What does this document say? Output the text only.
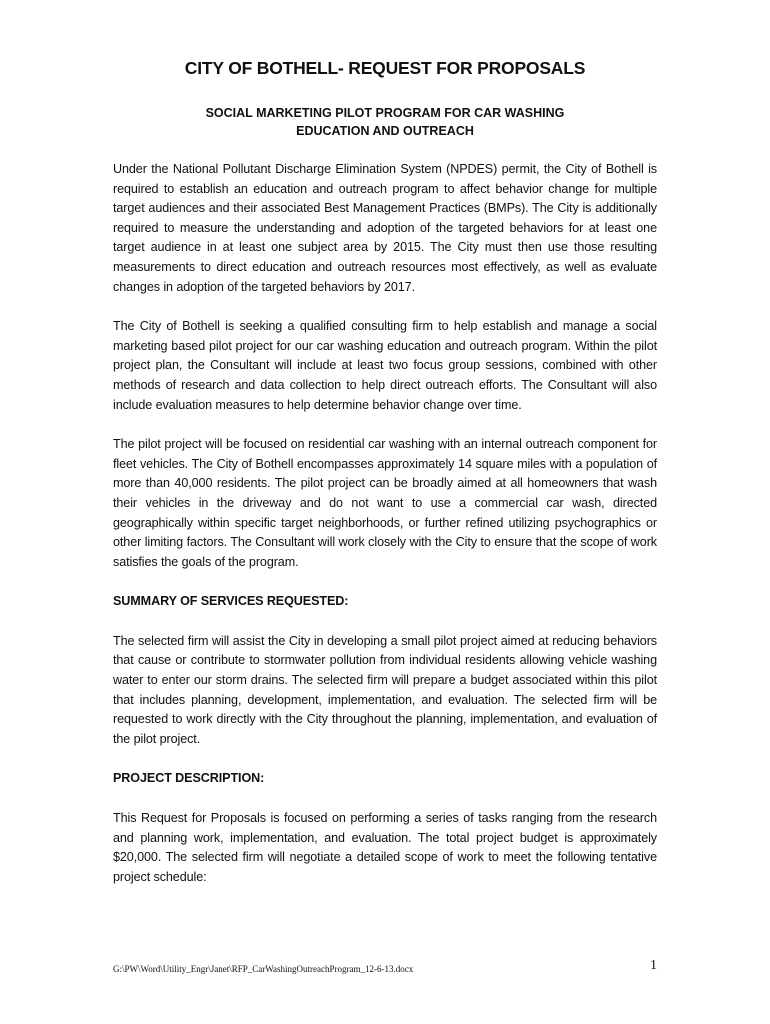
CITY OF BOTHELL- REQUEST FOR PROPOSALS
SOCIAL MARKETING PILOT PROGRAM FOR CAR WASHING
EDUCATION AND OUTREACH

Under the National Pollutant Discharge Elimination System (NPDES) permit, the City of Bothell is required to establish an education and outreach program to affect behavior change for multiple target audiences and their associated Best Management Practices (BMPs). The City is additionally required to measure the understanding and adoption of the targeted behaviors for at least one target audience in at least one subject area by 2015. The City must then use those resulting measurements to direct education and outreach resources most effectively, as well as evaluate changes in adoption of the targeted behaviors by 2017.

The City of Bothell is seeking a qualified consulting firm to help establish and manage a social marketing based pilot project for our car washing education and outreach program. Within the pilot project plan, the Consultant will include at least two focus group sessions, combined with other methods of research and data collection to help direct outreach efforts. The Consultant will also include evaluation measures to help determine behavior change over time.

The pilot project will be focused on residential car washing with an internal outreach component for fleet vehicles. The City of Bothell encompasses approximately 14 square miles with a population of more than 40,000 residents. The pilot project can be broadly aimed at all homeowners that wash their vehicles in the driveway and do not want to use a commercial car wash, directed geographically within specific target neighborhoods, or further refined utilizing psychographics or other limiting factors. The Consultant will work closely with the City to ensure that the scope of work satisfies the goals of the program.

SUMMARY OF SERVICES REQUESTED:

The selected firm will assist the City in developing a small pilot project aimed at reducing behaviors that cause or contribute to stormwater pollution from individual residents allowing vehicle washing water to enter our storm drains. The selected firm will prepare a budget associated within this pilot that includes planning, development, implementation, and evaluation. The selected firm will be requested to work directly with the City throughout the planning, implementation, and evaluation of the pilot project.

PROJECT DESCRIPTION:

This Request for Proposals is focused on performing a series of tasks ranging from the research and planning work, implementation, and evaluation. The total project budget is approximately $20,000. The selected firm will negotiate a detailed scope of work to meet the following tentative project schedule:

G:\PW\Word\Utility_Engr\Janet\RFP_CarWashingOutreachProgram_12-6-13.docx	1
